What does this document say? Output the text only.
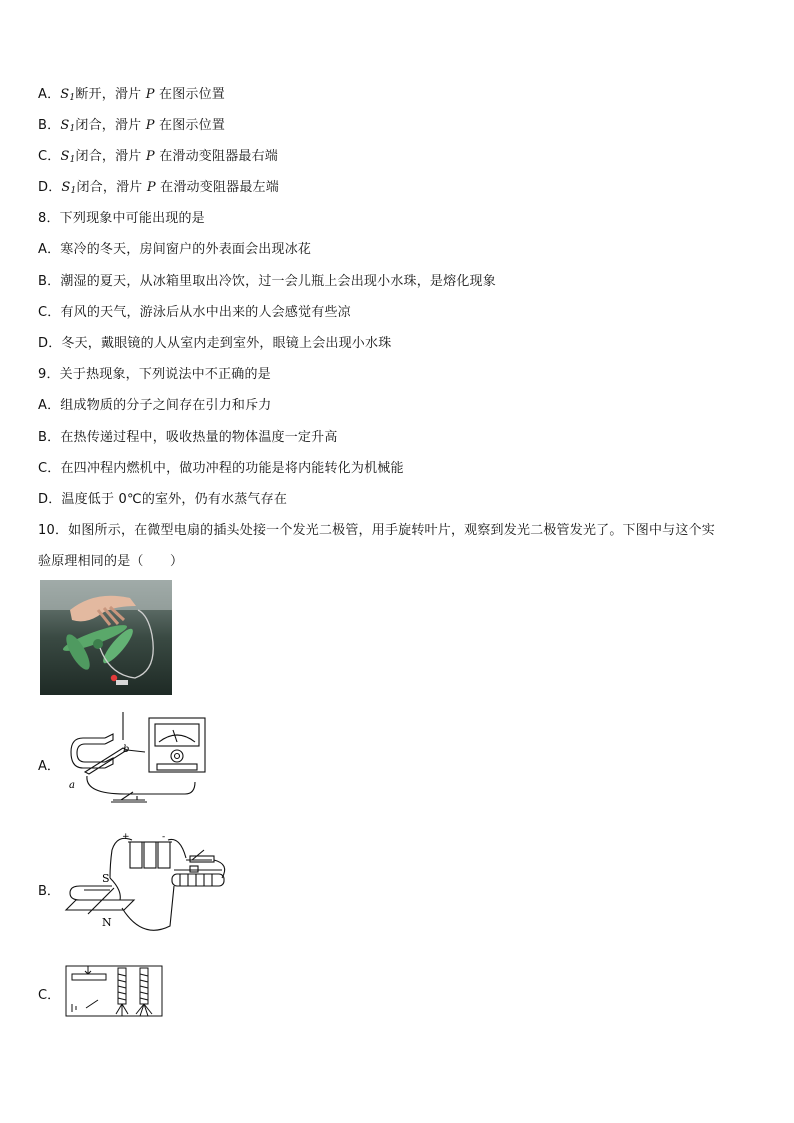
A．$S_1$断开，滑片 P 在图示位置
B．$S_1$闭合，滑片 P 在图示位置
C．$S_1$闭合，滑片 P 在滑动变阻器最右端
D．$S_1$闭合，滑片 P 在滑动变阻器最左端
8．下列现象中可能出现的是
A．寒冷的冬天，房间窗户的外表面会出现冰花
B．潮湿的夏天，从冰箱里取出冷饮，过一会儿瓶上会出现小水珠，是熔化现象
C．有风的天气，游泳后从水中出来的人会感觉有些凉
D．冬天，戴眼镜的人从室内走到室外，眼镜上会出现小水珠
9．关于热现象，下列说法中不正确的是
A．组成物质的分子之间存在引力和斥力
B．在热传递过程中，吸收热量的物体温度一定升高
C．在四冲程内燃机中，做功冲程的功能是将内能转化为机械能
D．温度低于 0℃的室外，仍有水蒸气存在
10．如图所示，在微型电扇的插头处接一个发光二极管，用手旋转叶片，观察到发光二极管发光了。下图中与这个实
验原理相同的是（　　）
A．
b
a
B．
+	-
S
N
C．
